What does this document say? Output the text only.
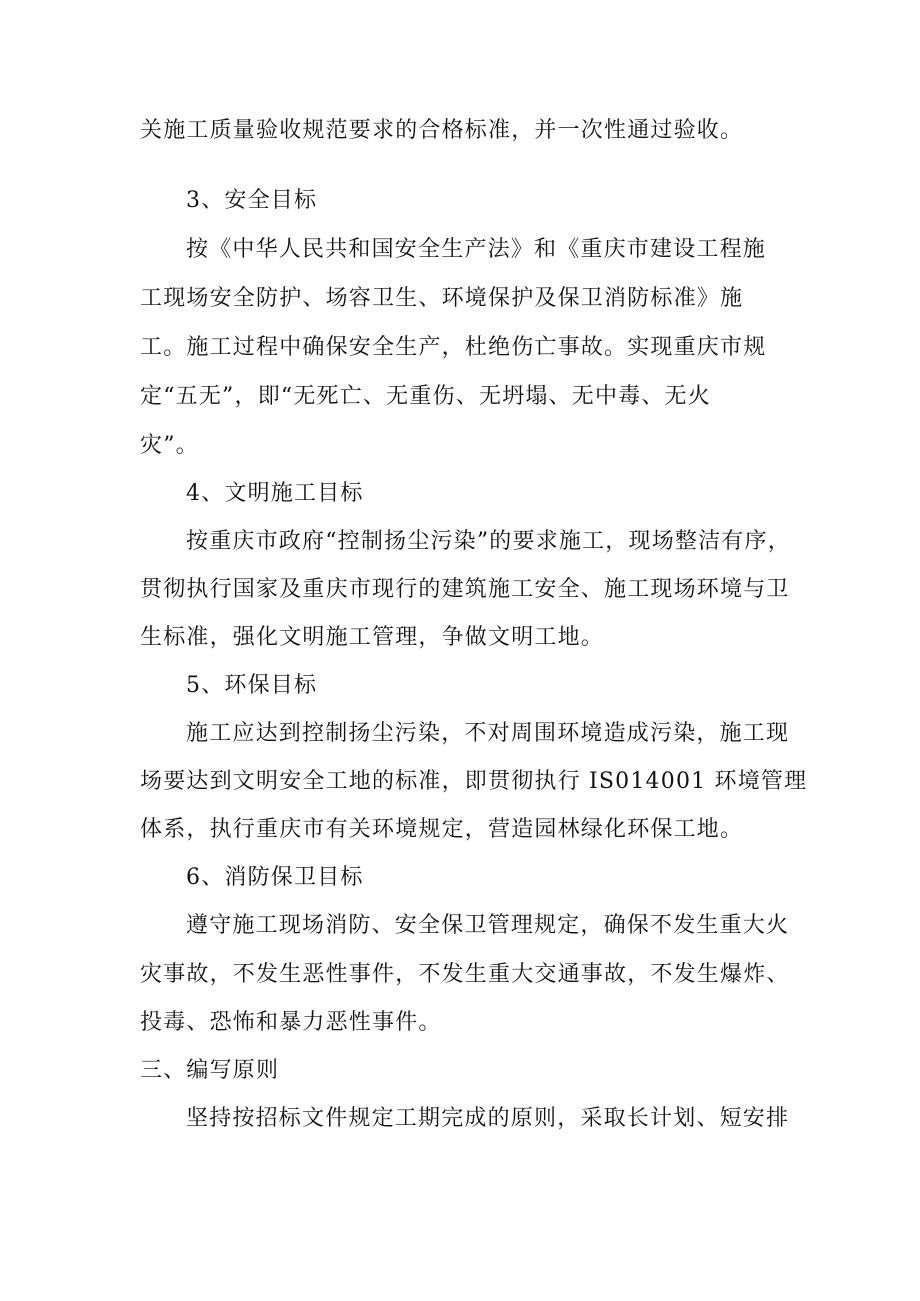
关施工质量验收规范要求的合格标准，并一次性通过验收。
3、安全目标
按《中华人民共和国安全生产法》和《重庆市建设工程施
工现场安全防护、场容卫生、环境保护及保卫消防标准》施
工。施工过程中确保安全生产，杜绝伤亡事故。实现重庆市规
定“五无”，即“无死亡、无重伤、无坍塌、无中毒、无火
灾”。
4、文明施工目标
按重庆市政府“控制扬尘污染”的要求施工，现场整洁有序，
贯彻执行国家及重庆市现行的建筑施工安全、施工现场环境与卫
生标准，强化文明施工管理，争做文明工地。
5、环保目标
施工应达到控制扬尘污染，不对周围环境造成污染，施工现
场要达到文明安全工地的标准，即贯彻执行 IS014001 环境管理
体系，执行重庆市有关环境规定，营造园林绿化环保工地。
6、消防保卫目标
遵守施工现场消防、安全保卫管理规定，确保不发生重大火
灾事故，不发生恶性事件，不发生重大交通事故，不发生爆炸、
投毒、恐怖和暴力恶性事件。
三、编写原则
坚持按招标文件规定工期完成的原则，采取长计划、短安排
